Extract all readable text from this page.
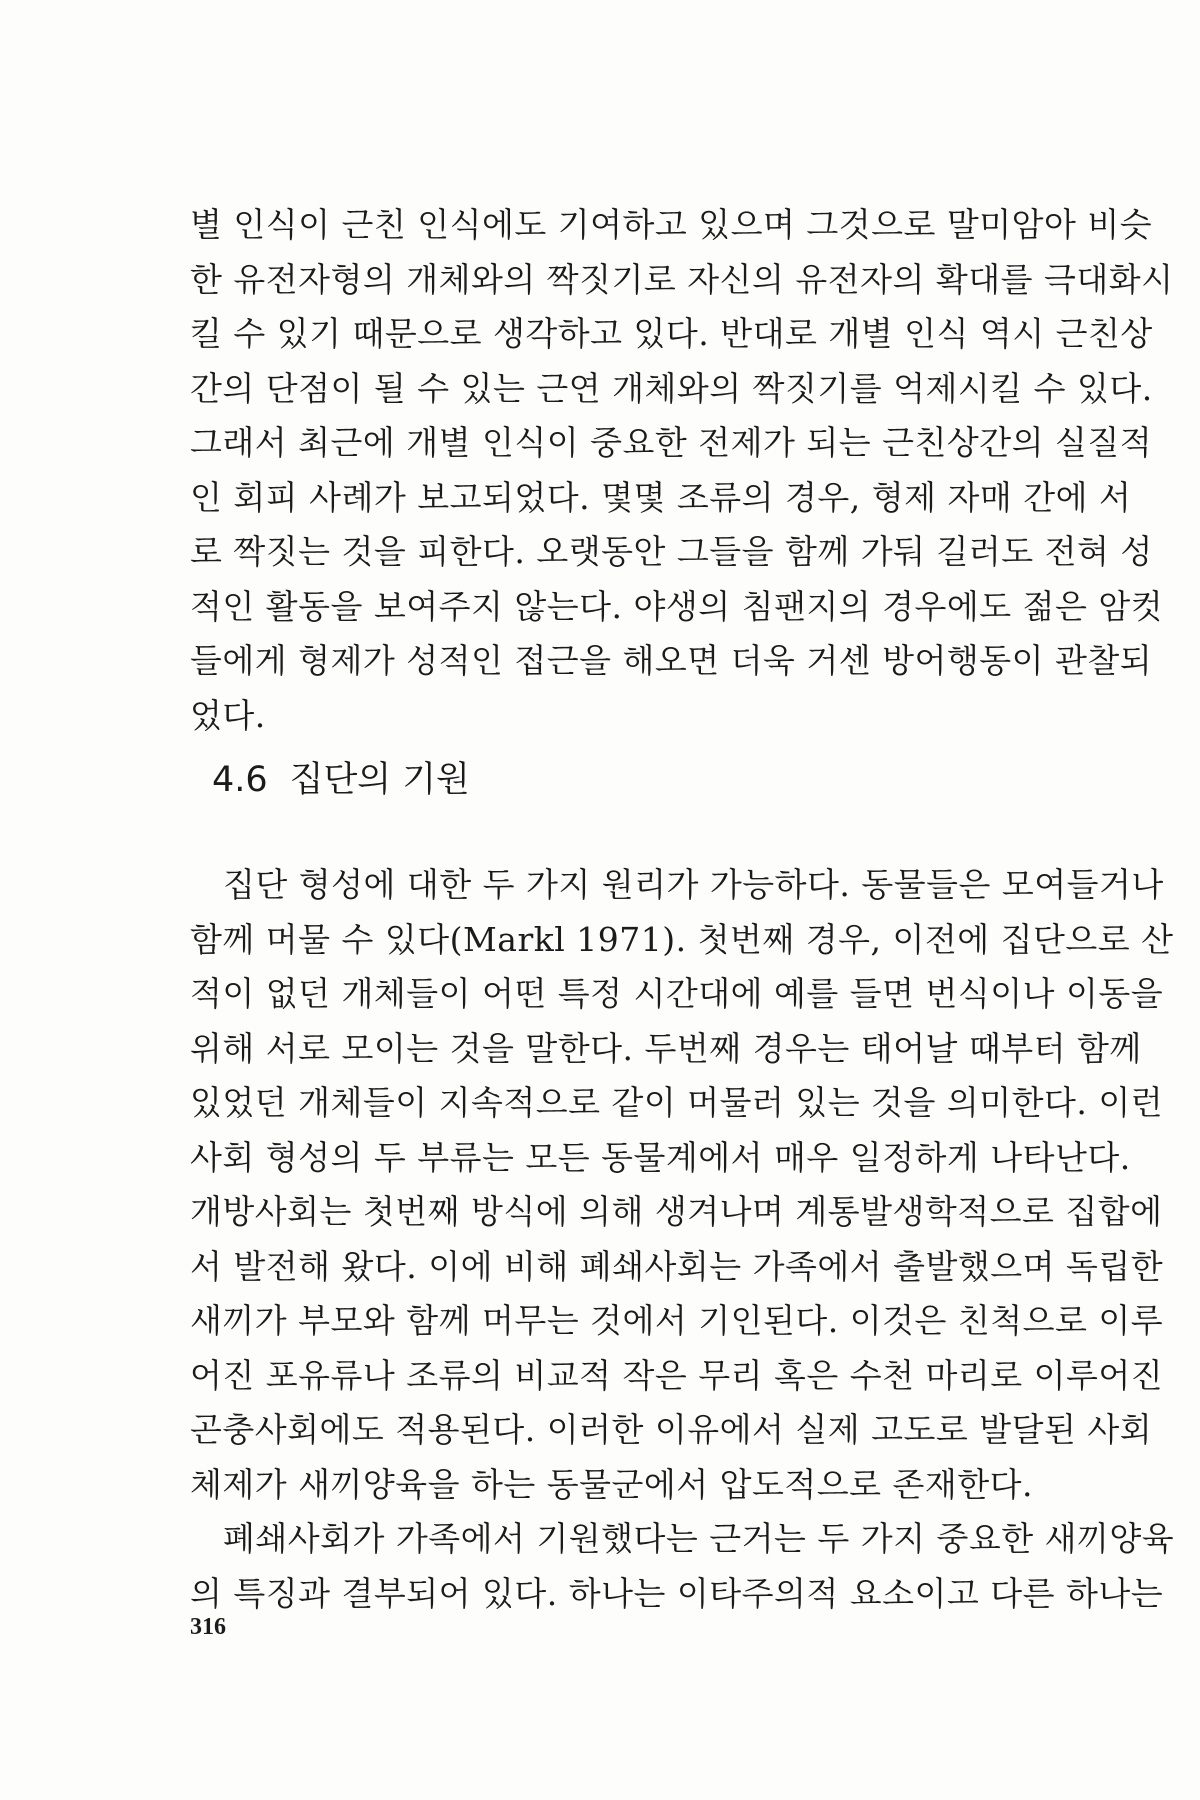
별 인식이 근친 인식에도 기여하고 있으며 그것으로 말미암아 비슷
한 유전자형의 개체와의 짝짓기로 자신의 유전자의 확대를 극대화시
킬 수 있기 때문으로 생각하고 있다. 반대로 개별 인식 역시 근친상
간의 단점이 될 수 있는 근연 개체와의 짝짓기를 억제시킬 수 있다.
그래서 최근에 개별 인식이 중요한 전제가 되는 근친상간의 실질적
인 회피 사례가 보고되었다. 몇몇 조류의 경우, 형제 자매 간에 서
로 짝짓는 것을 피한다. 오랫동안 그들을 함께 가둬 길러도 전혀 성
적인 활동을 보여주지 않는다. 야생의 침팬지의 경우에도 젊은 암컷
들에게 형제가 성적인 접근을 해오면 더욱 거센 방어행동이 관찰되
었다.
4.6 집단의 기원
집단 형성에 대한 두 가지 원리가 가능하다. 동물들은 모여들거나
함께 머물 수 있다(Markl 1971). 첫번째 경우, 이전에 집단으로 산
적이 없던 개체들이 어떤 특정 시간대에 예를 들면 번식이나 이동을
위해 서로 모이는 것을 말한다. 두번째 경우는 태어날 때부터 함께
있었던 개체들이 지속적으로 같이 머물러 있는 것을 의미한다. 이런
사회 형성의 두 부류는 모든 동물계에서 매우 일정하게 나타난다.
개방사회는 첫번째 방식에 의해 생겨나며 계통발생학적으로 집합에
서 발전해 왔다. 이에 비해 폐쇄사회는 가족에서 출발했으며 독립한
새끼가 부모와 함께 머무는 것에서 기인된다. 이것은 친척으로 이루
어진 포유류나 조류의 비교적 작은 무리 혹은 수천 마리로 이루어진
곤충사회에도 적용된다. 이러한 이유에서 실제 고도로 발달된 사회
체제가 새끼양육을 하는 동물군에서 압도적으로 존재한다.
폐쇄사회가 가족에서 기원했다는 근거는 두 가지 중요한 새끼양육
의 특징과 결부되어 있다. 하나는 이타주의적 요소이고 다른 하나는
316
